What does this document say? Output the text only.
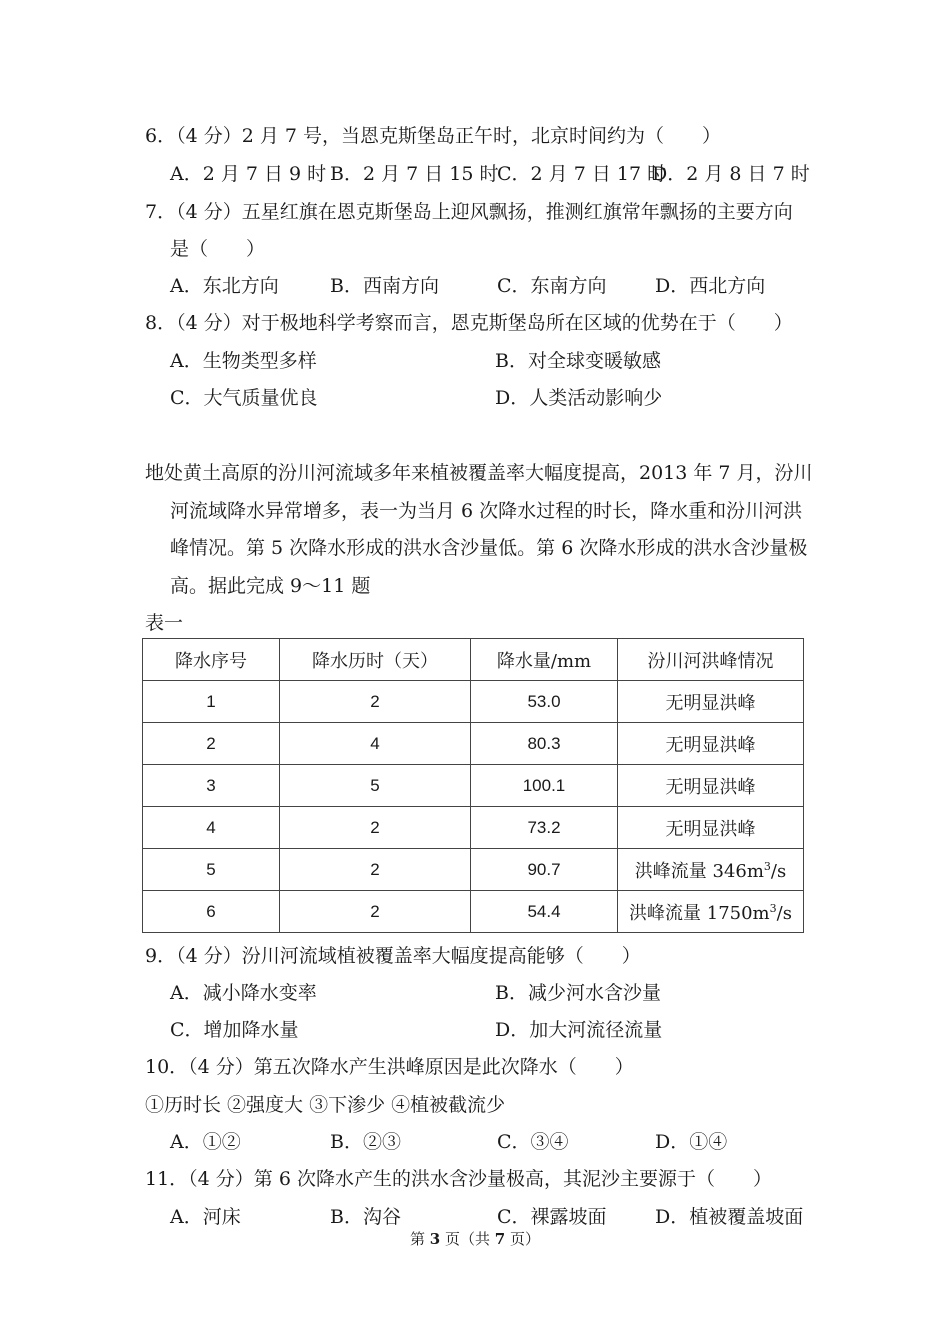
6．（4 分）2 月 7 号，当恩克斯堡岛正午时，北京时间约为（　　）
A．2 月 7 日 9 时 B．2 月 7 日 15 时
C．2 月 7 日 17 时
D．2 月 8 日 7 时
7．（4 分）五星红旗在恩克斯堡岛上迎风飘扬，推测红旗常年飘扬的主要方向
是（　　）
A．东北方向	B．西南方向	C．东南方向	D．西北方向
8．（4 分）对于极地科学考察而言，恩克斯堡岛所在区域的优势在于（　　）
A．生物类型多样	B．对全球变暖敏感
C．大气质量优良	D．人类活动影响少
地处黄土高原的汾川河流域多年来植被覆盖率大幅度提高，2013 年 7 月，汾川
河流域降水异常增多，表一为当月 6 次降水过程的时长，降水重和汾川河洪
峰情况。第 5 次降水形成的洪水含沙量低。第 6 次降水形成的洪水含沙量极
高。据此完成 9～11 题
表一
降水序号	降水历时（天）	降水量/mm	汾川河洪峰情况
1	2	53.0	无明显洪峰
2	4	80.3	无明显洪峰
3	5	100.1	无明显洪峰
4	2	73.2	无明显洪峰
5	2	90.7	洪峰流量 $346m^3/s$
6	2	54.4	洪峰流量 $1750m^3/s$
9．（4 分）汾川河流域植被覆盖率大幅度提高能够（　　）
A．减小降水变率	B．减少河水含沙量
C．增加降水量	D．加大河流径流量
10．（4 分）第五次降水产生洪峰原因是此次降水（　　）
①历时长 ②强度大 ③下渗少 ④植被截流少
A．①②	B．②③	C．③④	D．①④
11．（4 分）第 6 次降水产生的洪水含沙量极高，其泥沙主要源于（　　）
A．河床	B．沟谷	C．裸露坡面	D．植被覆盖坡面
第 3 页（共 7 页）
